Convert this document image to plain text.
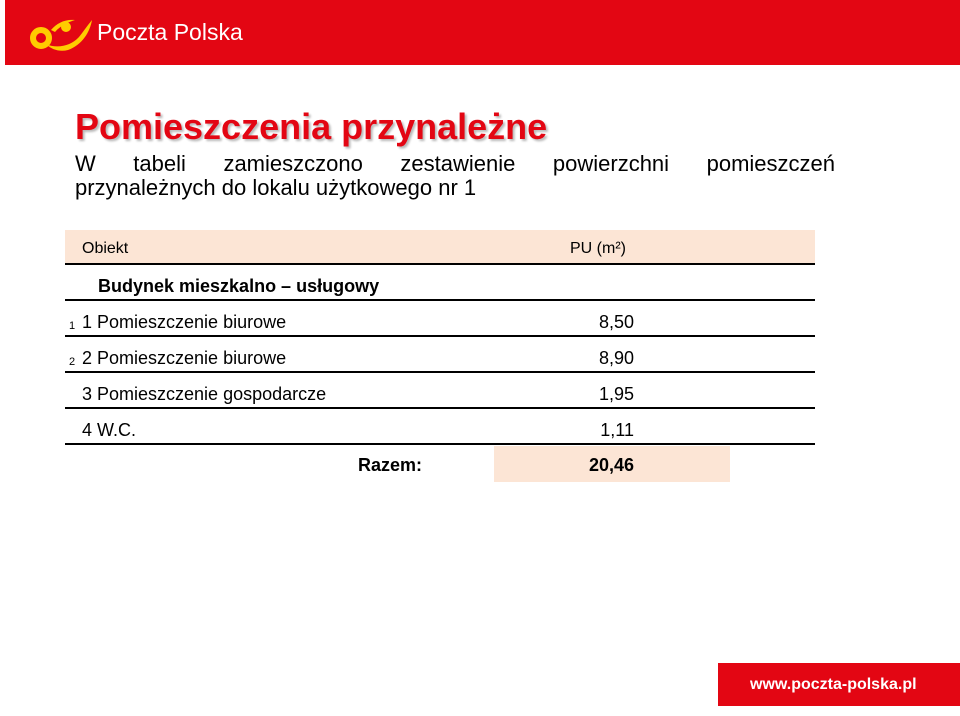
Poczta Polska
Pomieszczenia przynależne
W tabeli zamieszczono zestawienie powierzchni pomieszczeń
przynależnych do lokalu użytkowego nr 1
Obiekt	PU (m²)
Budynek mieszkalno – usługowy
1 1 Pomieszczenie biurowe	8,50
2 2 Pomieszczenie biurowe	8,90
3 Pomieszczenie gospodarcze	1,95
4 W.C.	1,11
Razem:	20,46
www.poczta-polska.pl
